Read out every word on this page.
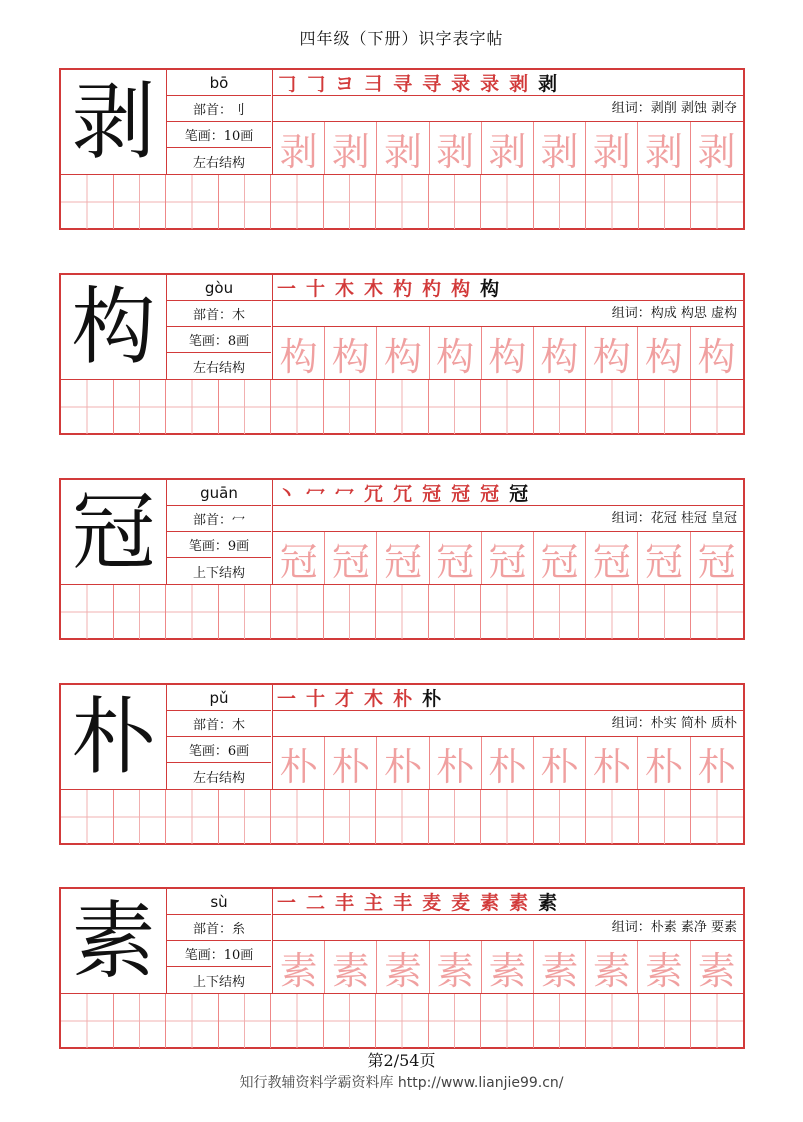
四年级（下册）识字表字帖
剥	bō
部首：刂
笔画：10画
左右结构
𠃌 𠃌 ヨ 彐 寻 寻 录 录 剥 剥
组词：剥削 剥蚀 剥夺
剥 剥 剥 剥 剥 剥 剥 剥 剥
构	gòu
部首：木
笔画：8画
左右结构
一 十 木 木 杓 杓 构 构
组词：构成 构思 虚构
构 构 构 构 构 构 构 构 构
冠	guān
部首：冖
笔画：9画
上下结构
丶 冖 冖 冗 冗 冠 冠 冠 冠
组词：花冠 桂冠 皇冠
冠 冠 冠 冠 冠 冠 冠 冠 冠
朴	pǔ
部首：木
笔画：6画
左右结构
一 十 才 木 朴 朴
组词：朴实 简朴 质朴
朴 朴 朴 朴 朴 朴 朴 朴 朴
素	sù
部首：糸
笔画：10画
上下结构
一 二 丰 主 丰 麦 麦 素 素 素
组词：朴素 素净 要素
素 素 素 素 素 素 素 素 素
第2/54页
知行教辅资料学霸资料库 http://www.lianjie99.cn/
